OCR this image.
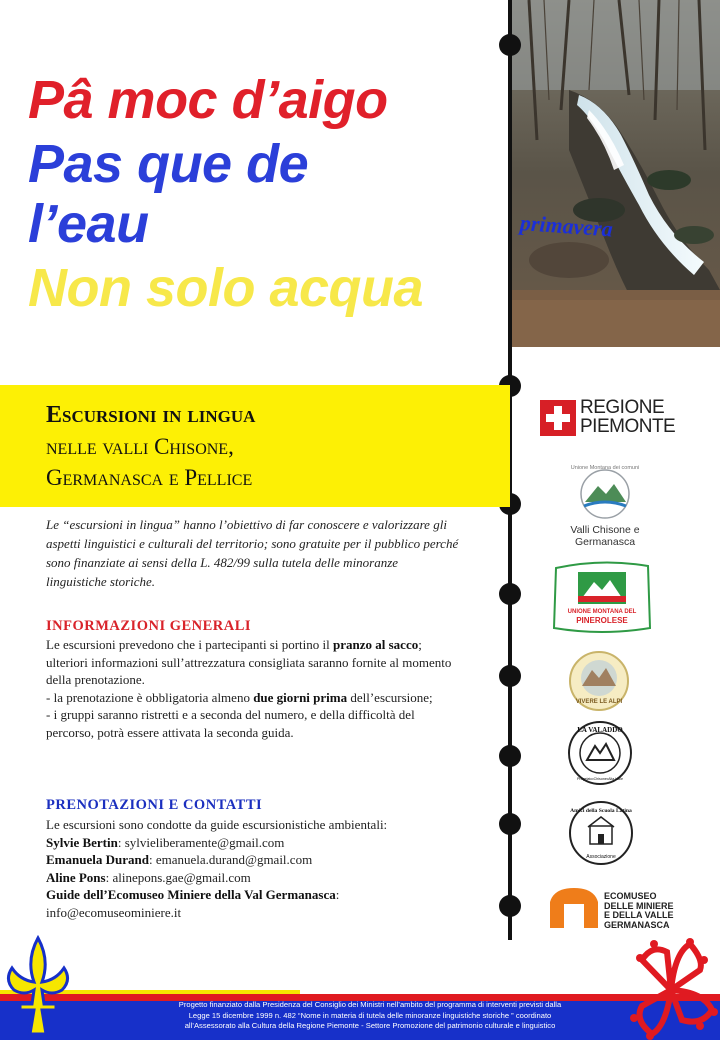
Pâ moc d’aigo
Pas que de
l’eau
Non solo acqua
primavera
Escursioni in lingua
nelle valli Chisone,
Germanasca e Pellice
Le “escursioni in lingua” hanno l’obiettivo di far conoscere e valorizzare gli
aspetti linguistici e culturali del territorio; sono gratuite per il pubblico perché
sono finanziate ai sensi della L. 482/99 sulla tutela delle minoranze
linguistiche storiche.
INFORMAZIONI GENERALI
Le escursioni prevedono che i partecipanti si portino il pranzo al sacco;
ulteriori informazioni sull’attrezzatura consigliata saranno fornite al momento
della prenotazione.
- la prenotazione è obbligatoria almeno due giorni prima dell’escursione;
- i gruppi saranno ristretti e a seconda del numero, e della difficoltà del
percorso, potrà essere attivata la seconda guida.
PRENOTAZIONI E CONTATTI
Le escursioni sono condotte da guide escursionistiche ambientali:
Sylvie Bertin: sylvieliberamente@gmail.com
Emanuela Durand: emanuela.durand@gmail.com
Aline Pons: alinepons.gae@gmail.com
Guide dell’Ecomuseo Miniere della Val Germanasca:
info@ecomuseominiere.it
REGIONE
PIEMONTE
Unione Montana dei comuni
Valli Chisone e Germanasca
UNIONE MONTANA DEL
PINEROLESE
VIVERE LE ALPI
LA VALADDO
Pragelato•Chisone•Alta Valle
Amici della Scuola Latina
Associazione
ECOMUSEO
DELLE MINIERE
E DELLA VALLE
GERMANASCA
Progetto finanziato dalla Presidenza del Consiglio dei Ministri nell’ambito del programma di interventi previsti dalla
Legge 15 dicembre 1999 n. 482 “Nome in materia di tutela delle minoranze linguistiche storiche ” coordinato
all’Assessorato alla Cultura della Regione Piemonte - Settore Promozione del patrimonio culturale e linguistico
